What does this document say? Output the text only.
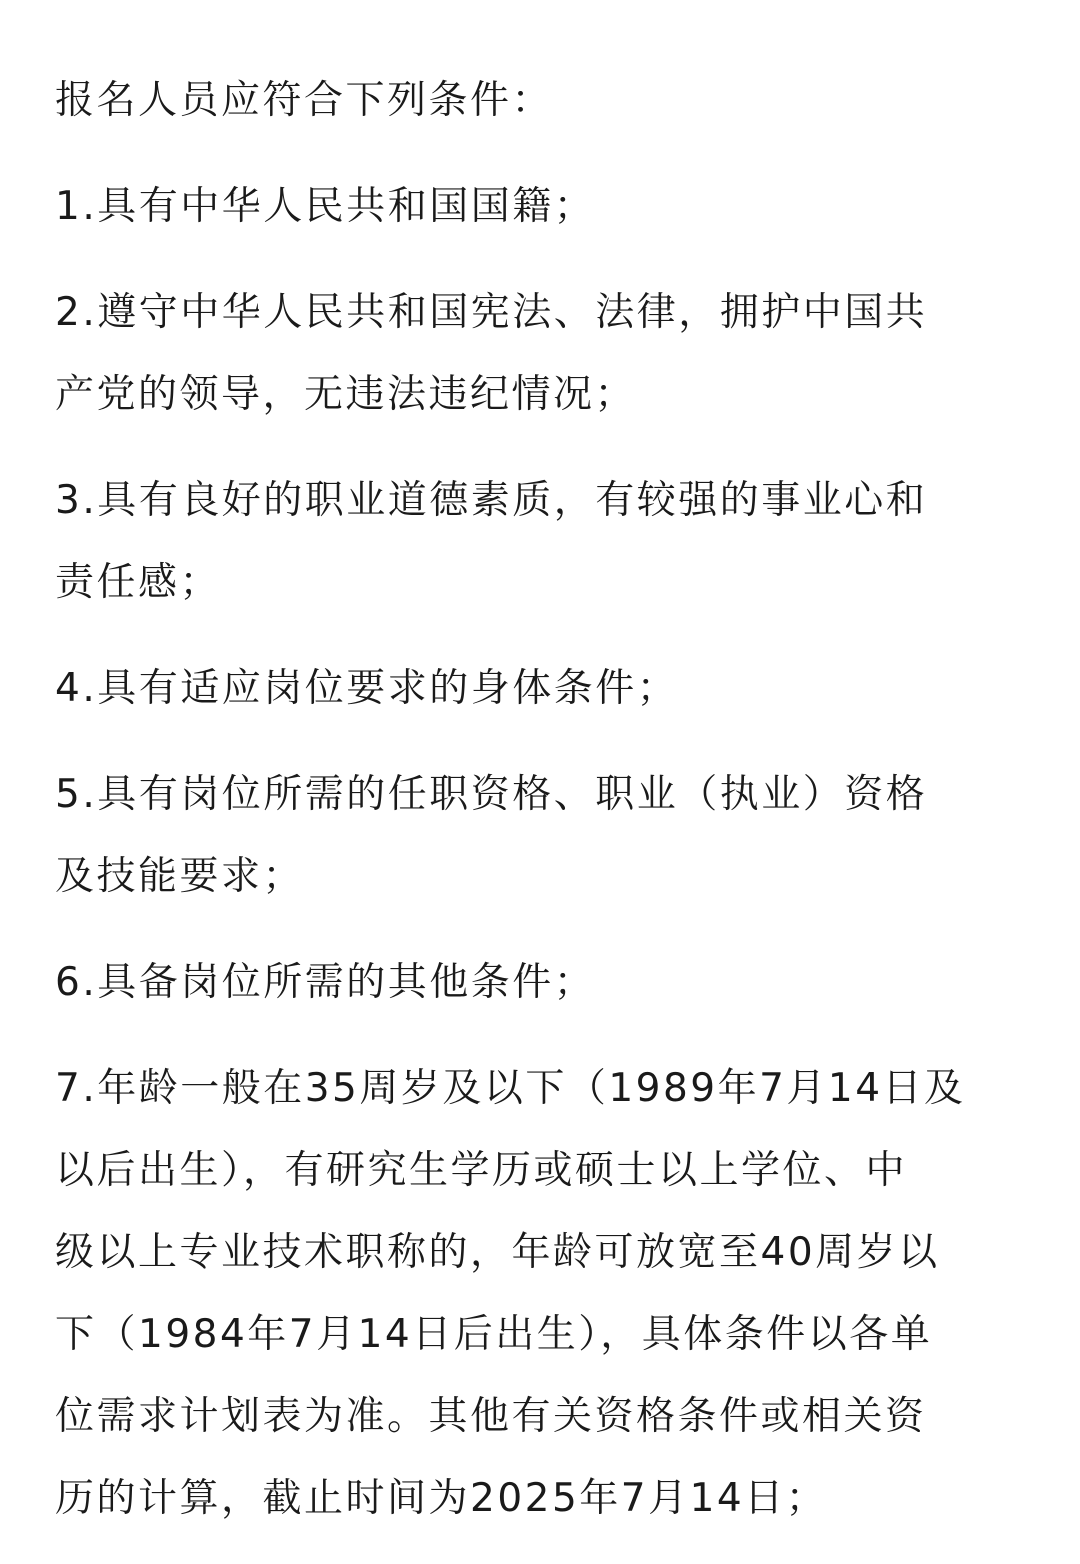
报名人员应符合下列条件：

1.具有中华人民共和国国籍；

2.遵守中华人民共和国宪法、法律，拥护中国共
产党的领导，无违法违纪情况；

3.具有良好的职业道德素质，有较强的事业心和
责任感；

4.具有适应岗位要求的身体条件；

5.具有岗位所需的任职资格、职业（执业）资格
及技能要求；

6.具备岗位所需的其他条件；

7.年龄一般在35周岁及以下（1989年7月14日及
以后出生），有研究生学历或硕士以上学位、中
级以上专业技术职称的，年龄可放宽至40周岁以
下（1984年7月14日后出生），具体条件以各单
位需求计划表为准。其他有关资格条件或相关资
历的计算，截止时间为2025年7月14日；
